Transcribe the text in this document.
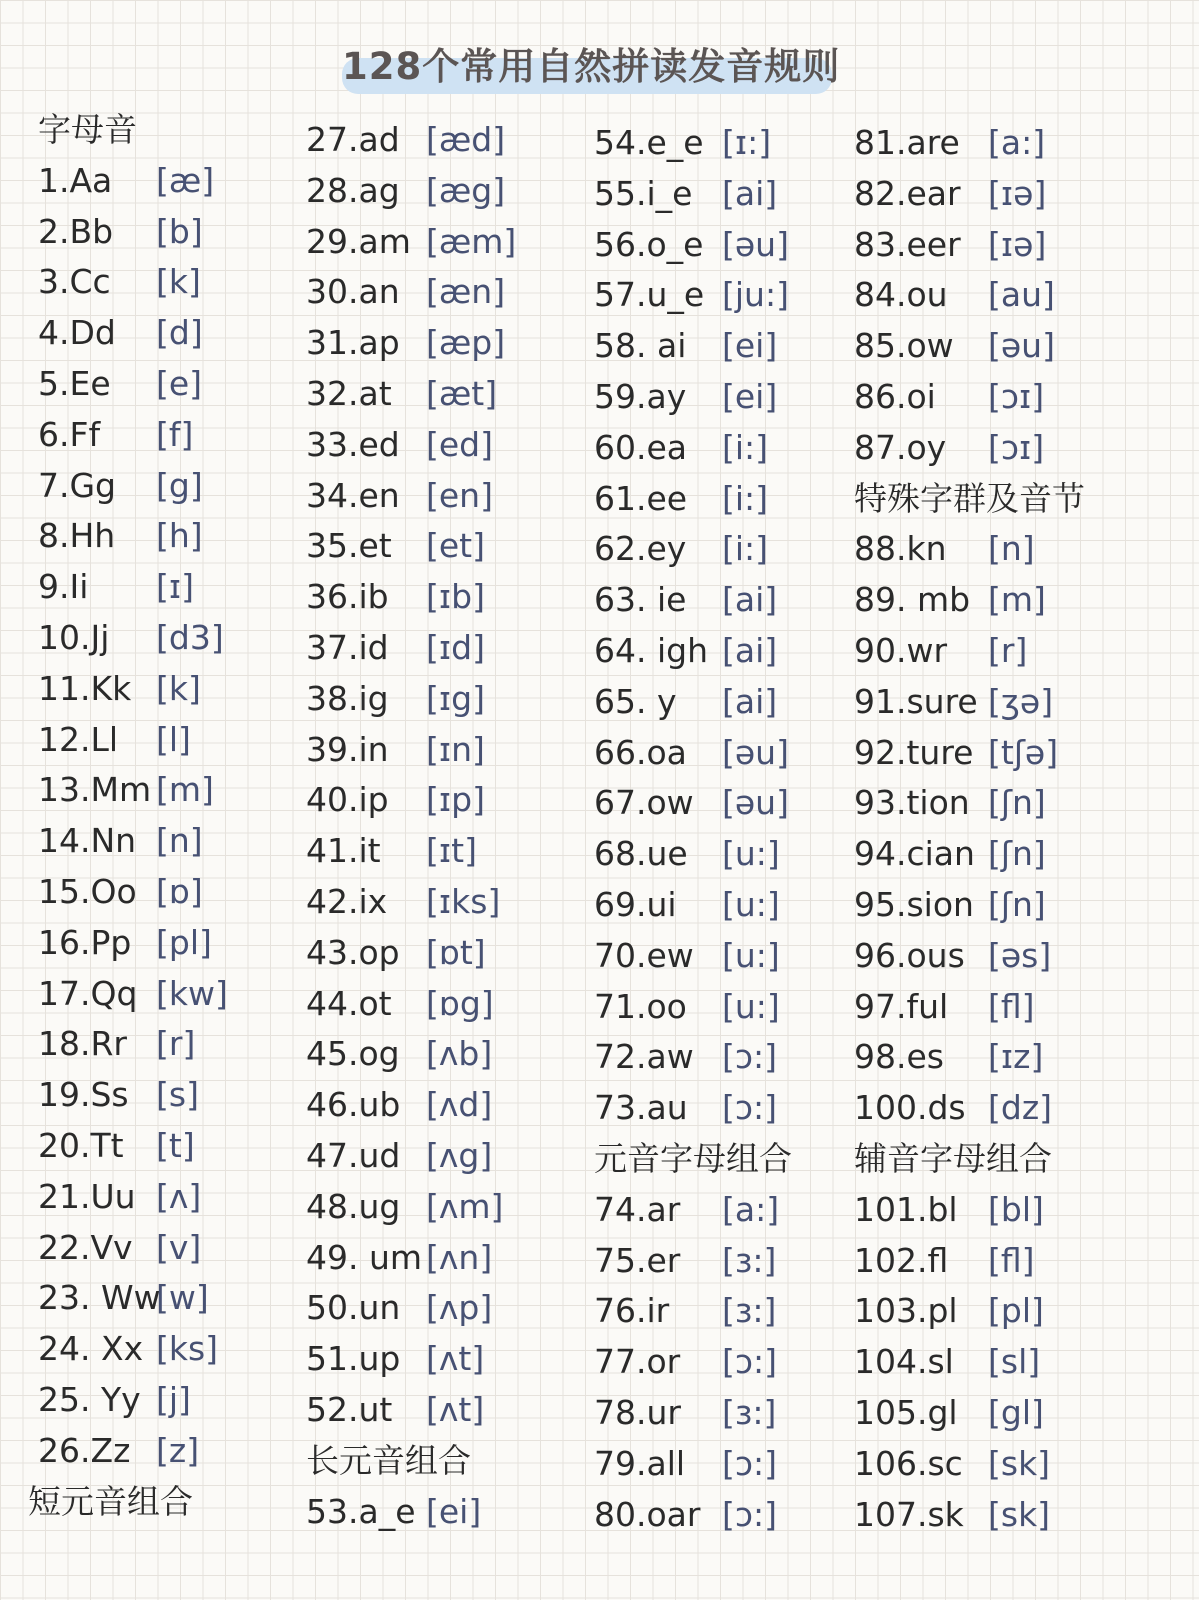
128个常用自然拼读发音规则
字母音
1.Aa [æ]
2.Bb [b]
3.Cc [k]
4.Dd [d]
5.Ee [e]
6.Ff [f]
7.Gg [g]
8.Hh [h]
9.Ii [ɪ]
10.Jj [d3]
11.Kk [k]
12.Ll [l]
13.Mm [m]
14.Nn [n]
15.Oo [ɒ]
16.Pp [pl]
17.Qq [kw]
18.Rr [r]
19.Ss [s]
20.Tt [t]
21.Uu [ʌ]
22.Vv [v]
23. Ww
[w]
24. Xx [ks]
25. Yy [j]
26.Zz [z]
短元音组合
27.ad [æd]
28.ag [æg]
29.am [æm]
30.an [æn]
31.ap [æp]
32.at [æt]
33.ed [ed]
34.en [en]
35.et [et]
36.ib [ɪb]
37.id [ɪd]
38.ig [ɪg]
39.in [ɪn]
40.ip [ɪp]
41.it [ɪt]
42.ix [ɪks]
43.op [ɒt]
44.ot [ɒg]
45.og [ʌb]
46.ub [ʌd]
47.ud [ʌg]
48.ug [ʌm]
49. um [ʌn]
50.un [ʌp]
51.up [ʌt]
52.ut [ʌt]
长元音组合
53.a_e [ei]
54.e_e [ɪ:]
55.i_e [ai]
56.o_e [əu]
57.u_e [ju:]
58. ai [ei]
59.ay [ei]
60.ea [i:]
61.ee [i:]
62.ey [i:]
63. ie [ai]
64. igh [ai]
65. y [ai]
66.oa [əu]
67.ow [əu]
68.ue [u:]
69.ui [u:]
70.ew [u:]
71.oo [u:]
72.aw [ɔ:]
73.au [ɔ:]
元音字母组合
74.ar [a:]
75.er [ɜ:]
76.ir [ɜ:]
77.or [ɔ:]
78.ur [ɜ:]
79.all [ɔ:]
80.oar [ɔ:]
81.are [a:]
82.ear [ɪə]
83.eer [ɪə]
84.ou [au]
85.ow [əu]
86.oi [ɔɪ]
87.oy [ɔɪ]
特殊字群及音节
88.kn [n]
89. mb [m]
90.wr [r]
91.sure [ʒə]
92.ture [tʃə]
93.tion [ʃn]
94.cian [ʃn]
95.sion [ʃn]
96.ous [əs]
97.ful [fl]
98.es [ɪz]
100.ds [dz]
辅音字母组合
101.bl [bl]
102.fl [fl]
103.pl [pl]
104.sl [sl]
105.gl [gl]
106.sc [sk]
107.sk [sk]
